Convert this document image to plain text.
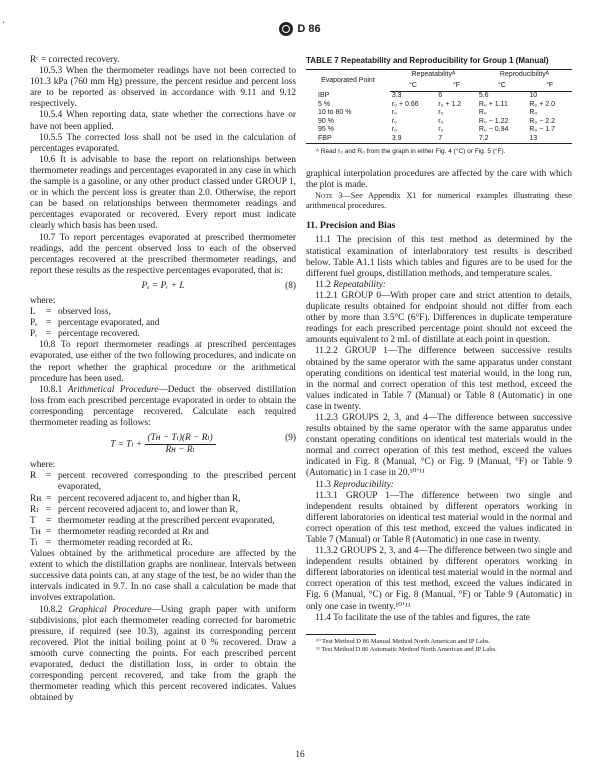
'	D 86

Rᶜ = corrected recovery.

10.5.3 When the thermometer readings have not been corrected to 101.3 kPa (760 mm Hg) pressure, the percent residue and percent loss are to be reported as observed in accordance with 9.11 and 9.12 respectively.

10.5.4 When reporting data, state whether the corrections have or have not been applied.

10.5.5 The corrected loss shall not be used in the calculation of percentages evaporated.

10.6 It is advisable to base the report on relationships between thermometer readings and percentages evaporated in any case in which the sample is a gasoline, or any other product classed under GROUP 1, or in which the percent loss is greater than 2.0. Otherwise, the report can be based on relationships between thermometer readings and percentages evaporated or recovered. Every report must indicate clearly which basis has been used.

10.7 To report percentages evaporated at prescribed thermometer readings, add the percent observed loss to each of the observed percentages recovered at the prescribed thermometer readings, and report these results as the respective percentages evaporated, that is:

Pₑ = Pᵣ + L	(8)

where:

L	= observed loss,
Pₑ = percentage evaporated, and
Pᵣ = percentage recovered.

10.8 To report thermometer readings at prescribed percentages evaporated, use either of the two following procedures, and indicate on the report whether the graphical procedure or the arithmetical procedure has been used.

10.8.1 Arithmetical Procedure—Deduct the observed distillation loss from each prescribed percentage evaporated in order to obtain the corresponding percentage recovered. Calculate each required thermometer reading as follows:

$T = T_l + \frac{\text{(Tʜ − Tₗ)(R − Rₗ)}}{\text{Rʜ − Rₗ}}$	(9)

where:

R	= percent recovered corresponding to the prescribed percent evaporated,
Rʜ = percent recovered adjacent to, and higher than R,
Rₗ = percent recovered adjacent to, and lower than R,
T	= thermometer reading at the prescribed percent evaporated,
Tʜ = thermometer reading recorded at Rʜ and
Tₗ = thermometer reading recorded at Rₗ.

Values obtained by the arithmetical procedure are affected by the extent to which the distillation graphs are nonlinear. Intervals between successive data points can, at any stage of the test, be no wider than the intervals indicated in 9.7. In no case shall a calculation be made that involves extrapolation.

10.8.2 Graphical Procedure—Using graph paper with uniform subdivisions, plot each thermometer reading corrected for barometric pressure, if required (see 10.3), against its corresponding percent recovered. Plot the initial boiling point at 0 % recovered. Draw a smooth curve connecting the points. For each prescribed percent evaporated, deduct the distillation loss, in order to obtain the corresponding percent recovered, and take from the graph the thermometer reading which this percent recovered indicates. Values obtained by

TABLE 7 Repeatability and Reproducibility for Group 1 (Manual)
Evaporated Point	Repeatabilityᴬ		Reproducibilityᴬ	
	°C	°F	°C	°F
IBP	3.3	6	5.6	10
5 %	r₀ + 0.66	r₀ + 1.2	R₀ + 1.11	R₀ + 2.0
10 to 80 %	r₀	r₀	R₀	R₀
90 %	r₀	r₀	R₀ − 1.22	R₀ − 2.2
95 %	r₀	r₀	R₀ − 0.94	R₀ − 1.7
FBP	3.9	7	7.2	13
ᴬ Read r₀ and R₀ from the graph in either Fig. 4 (°C) or Fig. 5 (°F).

graphical interpolation procedures are affected by the care with which the plot is made.

Note 3—See Appendix X1 for numerical examples illustrating these arithmetical procedures.

11. Precision and Bias

11.1 The precision of this test method as determined by the statistical examination of interlaboratory test results is described below. Table A1.1 lists which tables and figures are to be used for the different fuel groups, distillation methods, and temperature scales.

11.2 Repeatability:

11.2.1 GROUP 0—With proper care and strict attention to details, duplicate results obtained for endpoint should not differ from each other by more than 3.5°C (6°F). Differences in duplicate temperature readings for each prescribed percentage point should not exceed the amounts equivalent to 2 mL of distillate at each point in question.

11.2.2 GROUP 1—The difference between successive results obtained by the same operator with the same apparatus under constant operating conditions on identical test material would, in the long run, in the normal and correct operation of this test method, exceed the values indicated in Table 7 (Manual) or Table 8 (Automatic) in one case in twenty.

11.2.3 GROUPS 2, 3, and 4—The difference between successive results obtained by the same operator with the same apparatus under constant operating conditions on identical test materials would in the normal and correct operation of this test method, exceed the values indicated in Fig. 8 (Manual, °C) or Fig. 9 (Manual, °F) or Table 9 (Automatic) in 1 case in 20.¹⁰ʼ¹¹

11.3 Reproducibility:

11.3.1 GROUP 1—The difference between two single and independent results obtained by different operators working in different laboratories on identical test material would in the normal and correct operation of this test method, exceed the values indicated in Table 7 (Manual) or Table 8 (Automatic) in one case in twenty.

11.3.2 GROUPS 2, 3, and 4—The difference between two single and independent results obtained by different operators working in different laboratories on identical test material would in the normal and correct operation of this test method, exceed the values indicated in Fig. 6 (Manual, °C) or Fig. 8 (Manual, °F) or Table 9 (Automatic) in only one case in twenty.¹⁰ʼ¹¹

11.4 To facilitate the use of the tables and figures, the rate

¹⁰ Test Method D 86 Manual Method North American and IP Labs.
¹¹ Test Method D 86 Automatic Method North American and IP Labs.
16
